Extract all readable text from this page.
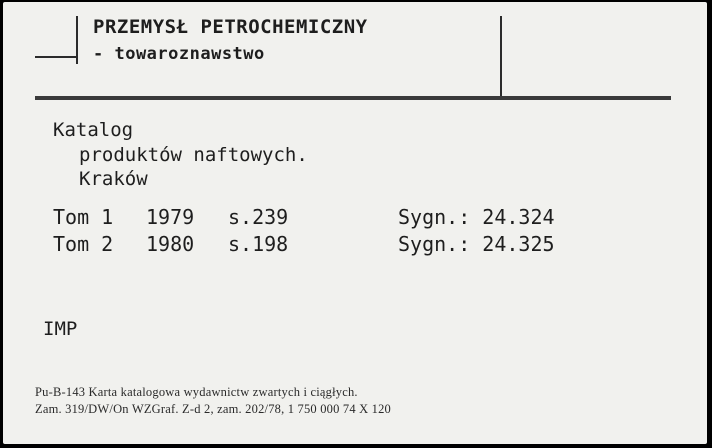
PRZEMYSŁ PETROCHEMICZNY
- towaroznawstwo
Katalog
produktów naftowych.
Kraków

Tom 1

1979

s.239

	Sygn.: 24.324

Tom 2

1980

s.198

	Sygn.: 24.325

IMP
Pu-B-143 Karta katalogowa wydawnictw zwartych i ciągłych.
Zam. 319/DW/On WZGraf. Z-d 2, zam. 202/78, 1 750 000 74 X 120
